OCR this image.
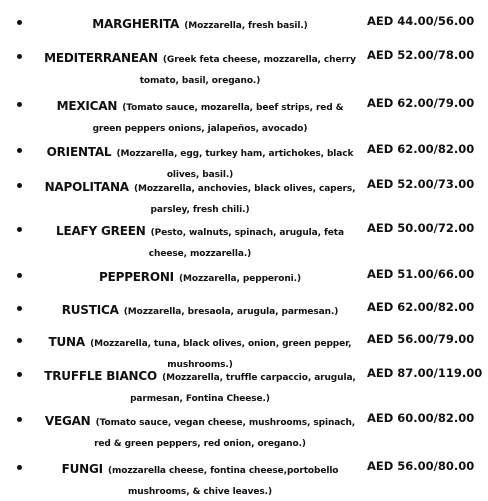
MARGHERITA (Mozzarella, fresh basil.)	AED 44.00/56.00
MEDITERRANEAN (Greek feta cheese, mozzarella, cherry tomato, basil, oregano.)
AED 52.00/78.00
MEXICAN (Tomato sauce, mozarella, beef strips, red & green peppers onions, jalapeños, avocado)
AED 62.00/79.00
ORIENTAL (Mozzarella, egg, turkey ham, artichokes, black olives, basil.)
AED 62.00/82.00
NAPOLITANA (Mozzarella, anchovies, black olives, capers, parsley, fresh chili.)
AED 52.00/73.00
LEAFY GREEN (Pesto, walnuts, spinach, arugula, feta cheese, mozzarella.)
AED 50.00/72.00
PEPPERONI (Mozzarella, pepperoni.)	AED 51.00/66.00
RUSTICA (Mozzarella, bresaola, arugula, parmesan.)	AED 62.00/82.00
TUNA (Mozzarella, tuna, black olives, onion, green pepper, mushrooms.)
AED 56.00/79.00
TRUFFLE BIANCO (Mozzarella, truffle carpaccio, arugula, parmesan, Fontina Cheese.)
AED 87.00/119.00
VEGAN (Tomato sauce, vegan cheese, mushrooms, spinach, red & green peppers, red onion, oregano.)
AED 60.00/82.00
FUNGI (mozzarella cheese, fontina cheese,portobello mushrooms, & chive leaves.)
AED 56.00/80.00
